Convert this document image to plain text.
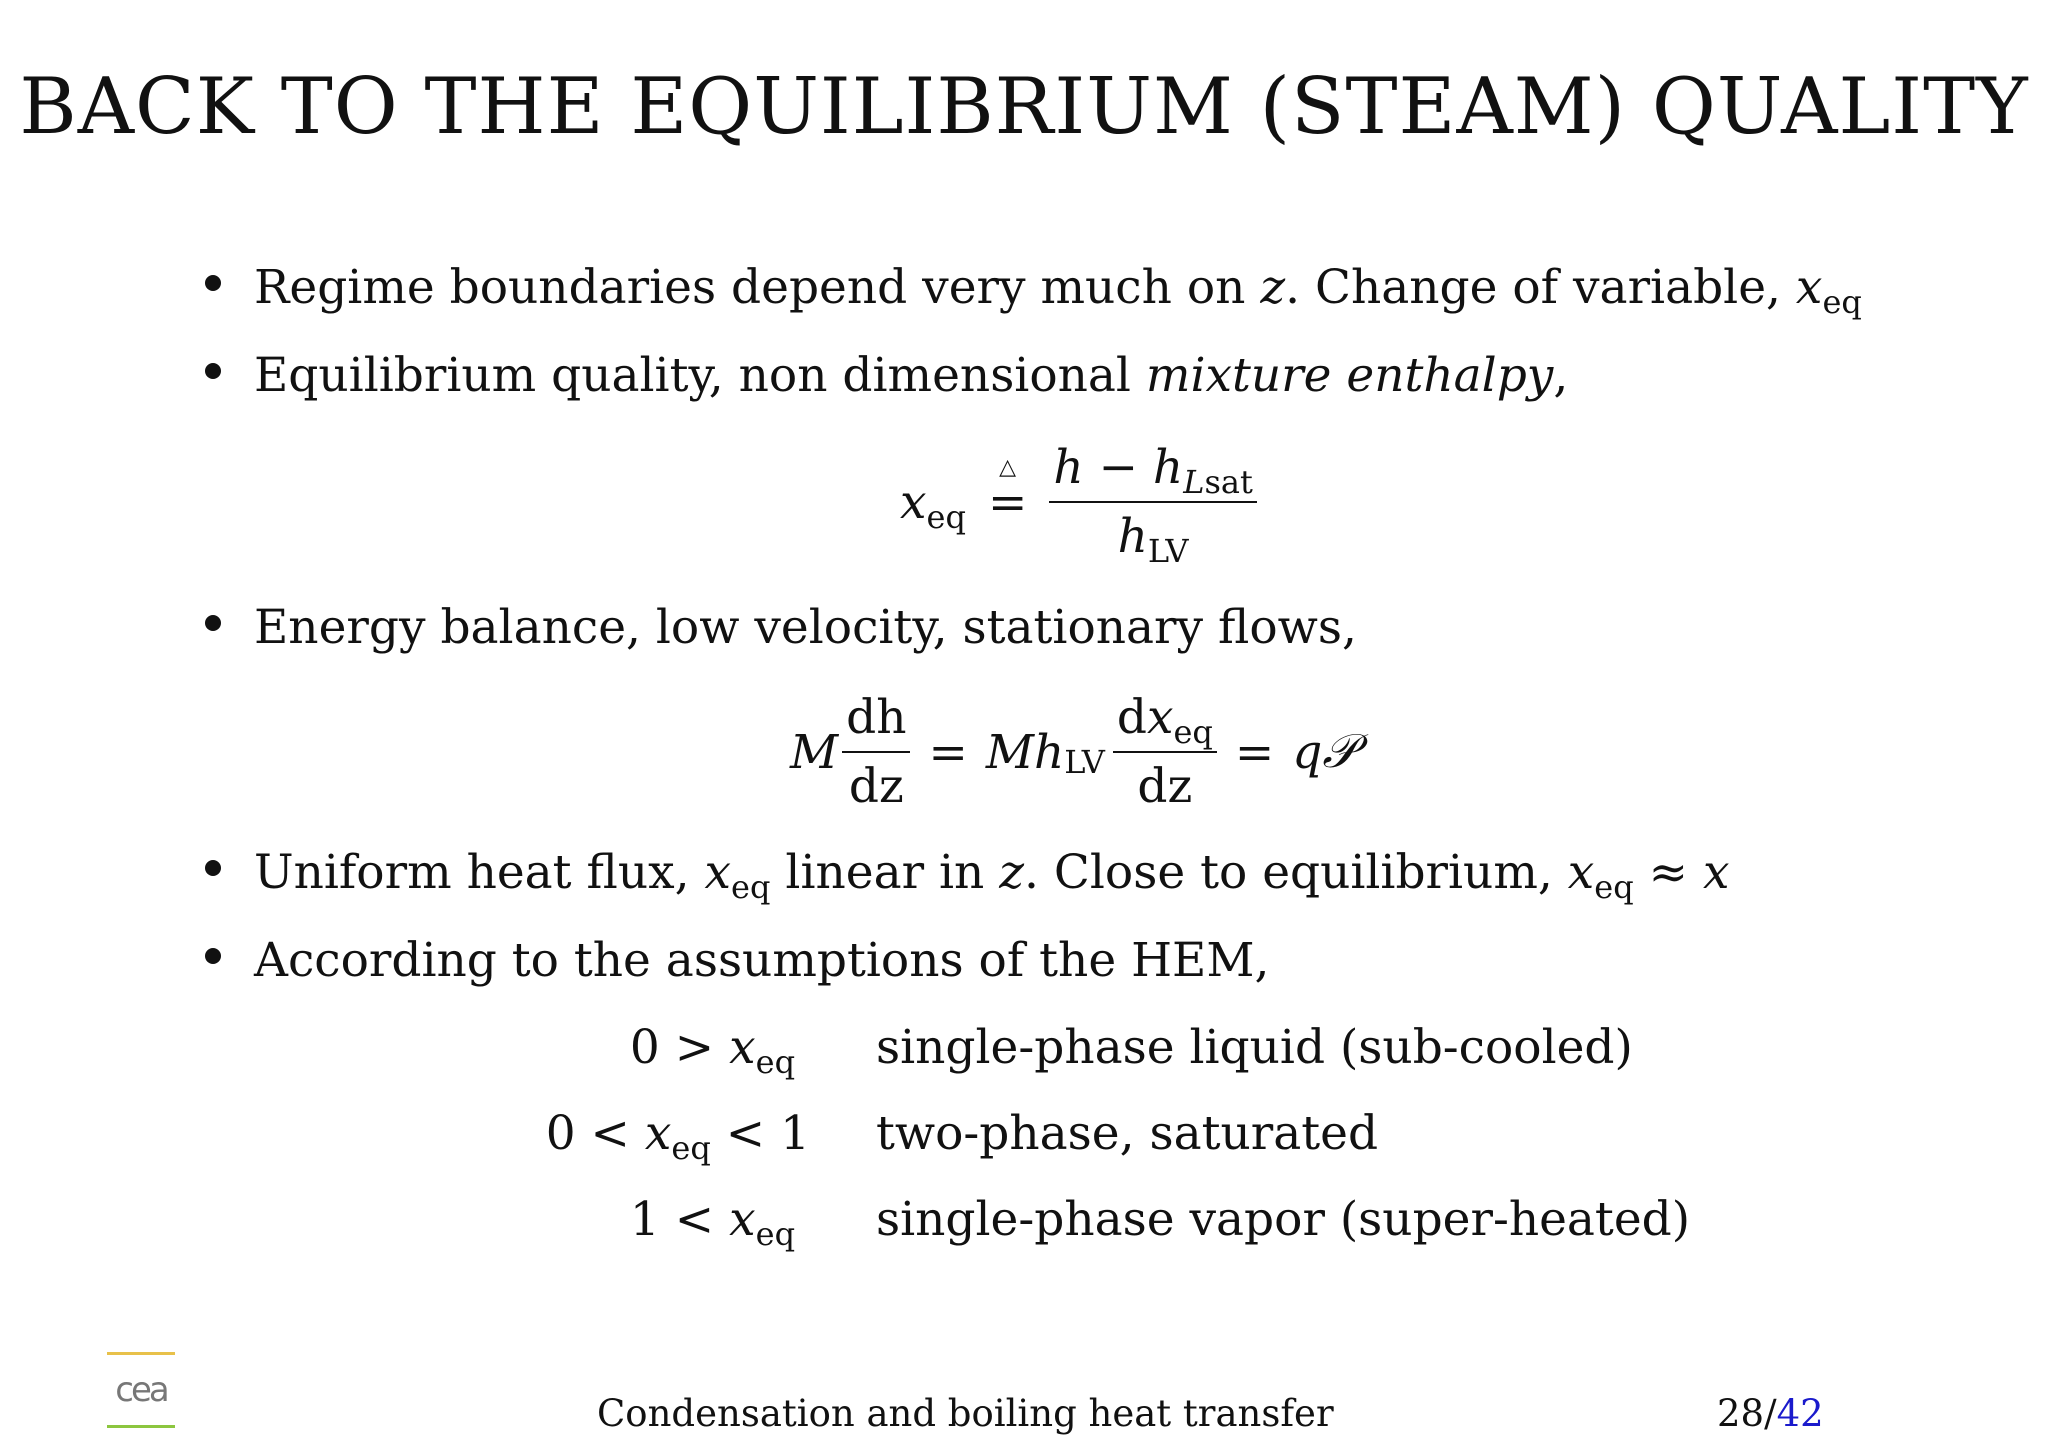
BACK TO THE EQUILIBRIUM (STEAM) QUALITY
Regime boundaries depend very much on
z . Change of variable,
x eq
Equilibrium quality, non dimensional
mixture enthalpy ,
$x_{eq}$
△
= $\frac{h - h_{Lsat}}{h_{LV}}$
Energy balance, low velocity, stationary flows,
M $\frac{dh}{dz} = M$ h LV $\frac{dx_{eq}}{dz} = q$ 𝒫
Uniform heat flux,
x eq
linear in
z . Close to equilibrium,
x eq
≈
x
According to the assumptions of the HEM,
$0 > x_{eq}$	single-phase liquid (sub-cooled)
$0 < x_{eq} < 1$	two-phase, saturated
$1 < x_{eq}$	single-phase vapor (super-heated)
cea
Condensation and boiling heat transfer	28/42
